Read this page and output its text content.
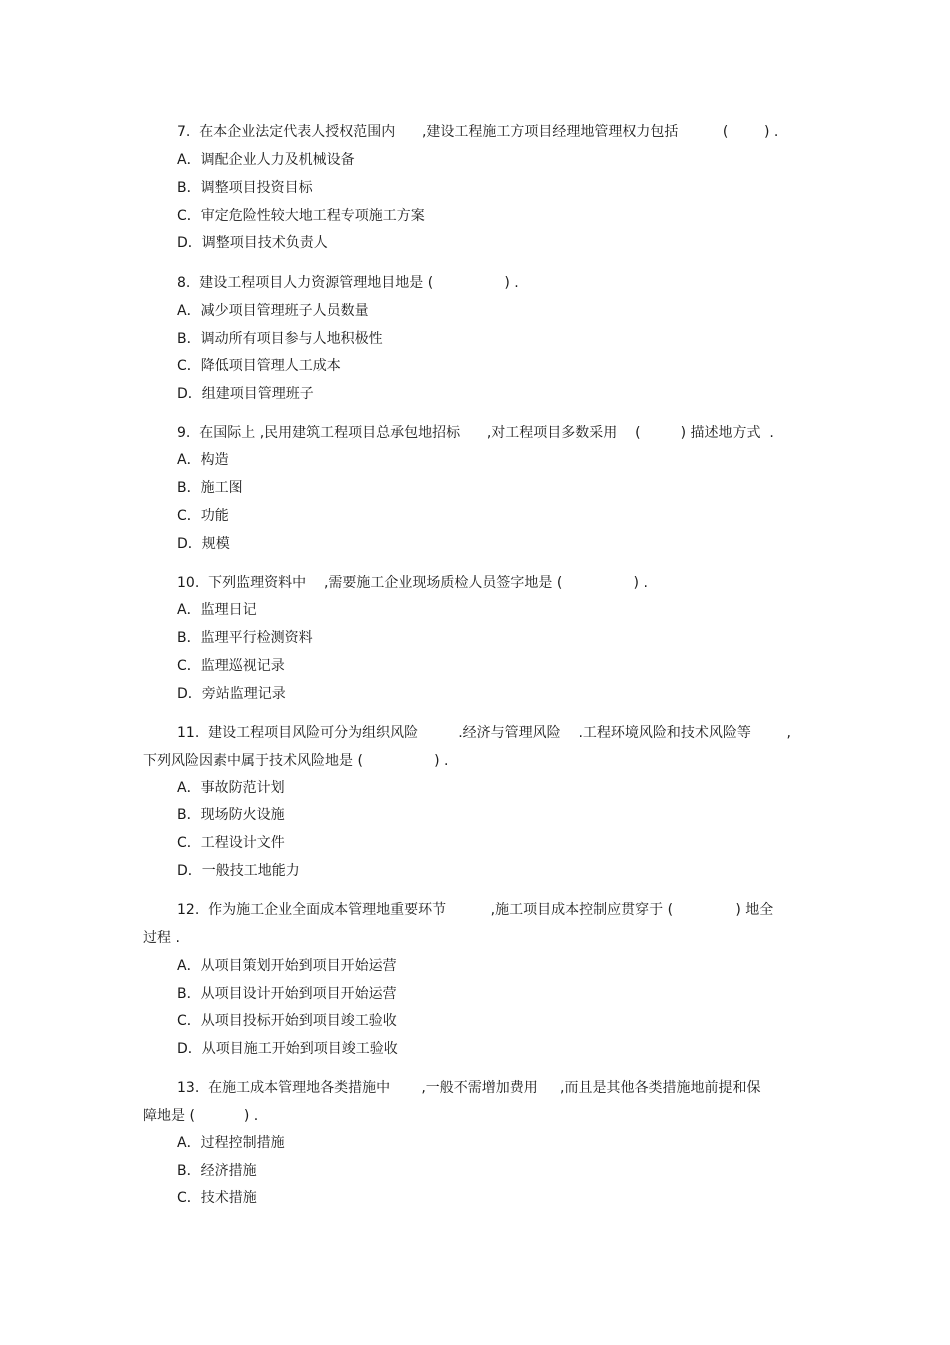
7.  在本企业法定代表人授权范围内      ,建设工程施工方项目经理地管理权力包括          (        ) .
A．调配企业人力及机械设备
B．调整项目投资目标
C．审定危险性较大地工程专项施工方案
D．调整项目技术负责人
8.  建设工程项目人力资源管理地目地是 (                ) .
A．减少项目管理班子人员数量
B．调动所有项目参与人地积极性
C．降低项目管理人工成本
D．组建项目管理班子
9.  在国际上 ,民用建筑工程项目总承包地招标      ,对工程项目多数采用    (         ) 描述地方式  .
A．构造
B．施工图
C．功能
D．规模
10.  下列监理资料中    ,需要施工企业现场质检人员签字地是 (                ) .
A．监理日记
B．监理平行检测资料
C．监理巡视记录
D．旁站监理记录
11.  建设工程项目风险可分为组织风险         .经济与管理风险    .工程环境风险和技术风险等        ,
下列风险因素中属于技术风险地是 (                ) .
A．事故防范计划
B．现场防火设施
C．工程设计文件
D．一般技工地能力
12.  作为施工企业全面成本管理地重要环节          ,施工项目成本控制应贯穿于 (              ) 地全
过程 .
A．从项目策划开始到项目开始运营
B．从项目设计开始到项目开始运营
C．从项目投标开始到项目竣工验收
D．从项目施工开始到项目竣工验收
13.  在施工成本管理地各类措施中       ,一般不需增加费用     ,而且是其他各类措施地前提和保
障地是 (           ) .
A．过程控制措施
B．经济措施
C．技术措施
